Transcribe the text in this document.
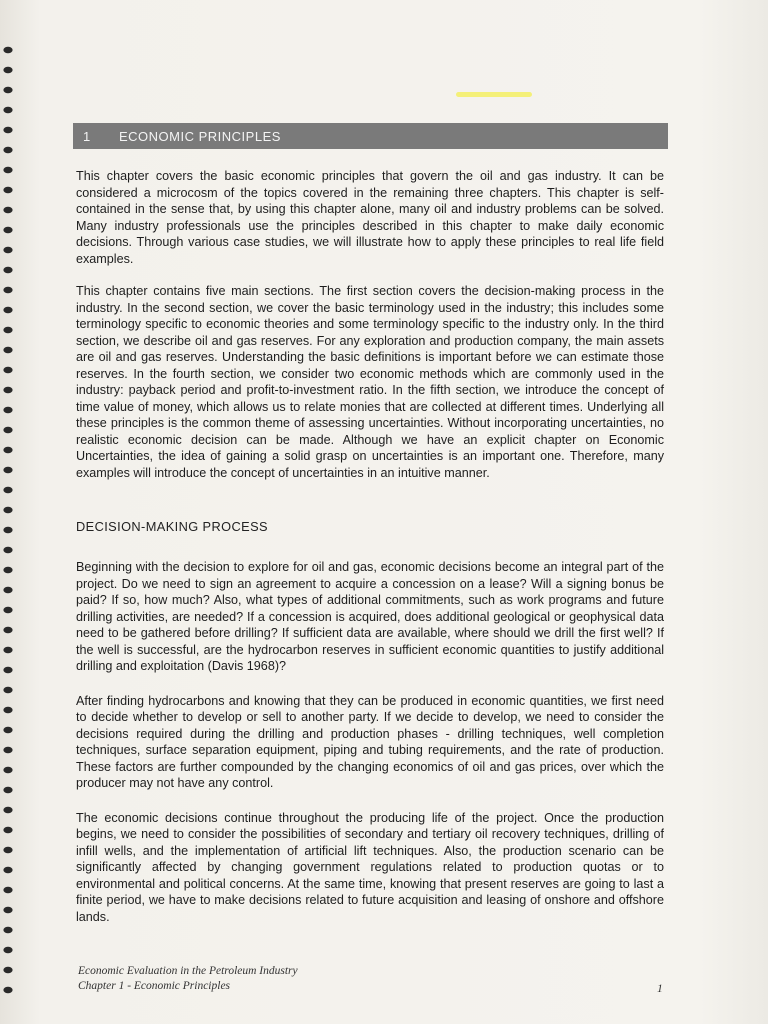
1	ECONOMIC PRINCIPLES

This chapter covers the basic economic principles that govern the oil and gas industry. It can be considered a microcosm of the topics covered in the remaining three chapters. This chapter is self-contained in the sense that, by using this chapter alone, many oil and industry problems can be solved. Many industry professionals use the principles described in this chapter to make daily economic decisions. Through various case studies, we will illustrate how to apply these principles to real life field examples.

This chapter contains five main sections. The first section covers the decision-making process in the industry. In the second section, we cover the basic terminology used in the industry; this includes some terminology specific to economic theories and some terminology specific to the industry only. In the third section, we describe oil and gas reserves. For any exploration and production company, the main assets are oil and gas reserves. Understanding the basic definitions is important before we can estimate those reserves. In the fourth section, we consider two economic methods which are commonly used in the industry: payback period and profit-to-investment ratio. In the fifth section, we introduce the concept of time value of money, which allows us to relate monies that are collected at different times. Underlying all these principles is the common theme of assessing uncertainties. Without incorporating uncertainties, no realistic economic decision can be made. Although we have an explicit chapter on Economic Uncertainties, the idea of gaining a solid grasp on uncertainties is an important one. Therefore, many examples will introduce the concept of uncertainties in an intuitive manner.

DECISION-MAKING PROCESS

Beginning with the decision to explore for oil and gas, economic decisions become an integral part of the project. Do we need to sign an agreement to acquire a concession on a lease? Will a signing bonus be paid? If so, how much? Also, what types of additional commitments, such as work programs and future drilling activities, are needed? If a concession is acquired, does additional geological or geophysical data need to be gathered before drilling? If sufficient data are available, where should we drill the first well? If the well is successful, are the hydrocarbon reserves in sufficient economic quantities to justify additional drilling and exploitation (Davis 1968)?

After finding hydrocarbons and knowing that they can be produced in economic quantities, we first need to decide whether to develop or sell to another party. If we decide to develop, we need to consider the decisions required during the drilling and production phases - drilling techniques, well completion techniques, surface separation equipment, piping and tubing requirements, and the rate of production. These factors are further compounded by the changing economics of oil and gas prices, over which the producer may not have any control.

The economic decisions continue throughout the producing life of the project. Once the production begins, we need to consider the possibilities of secondary and tertiary oil recovery techniques, drilling of infill wells, and the implementation of artificial lift techniques. Also, the production scenario can be significantly affected by changing government regulations related to production quotas or to environmental and political concerns. At the same time, knowing that present reserves are going to last a finite period, we have to make decisions related to future acquisition and leasing of onshore and offshore lands.

Economic Evaluation in the Petroleum Industry
Chapter 1 - Economic Principles	1
